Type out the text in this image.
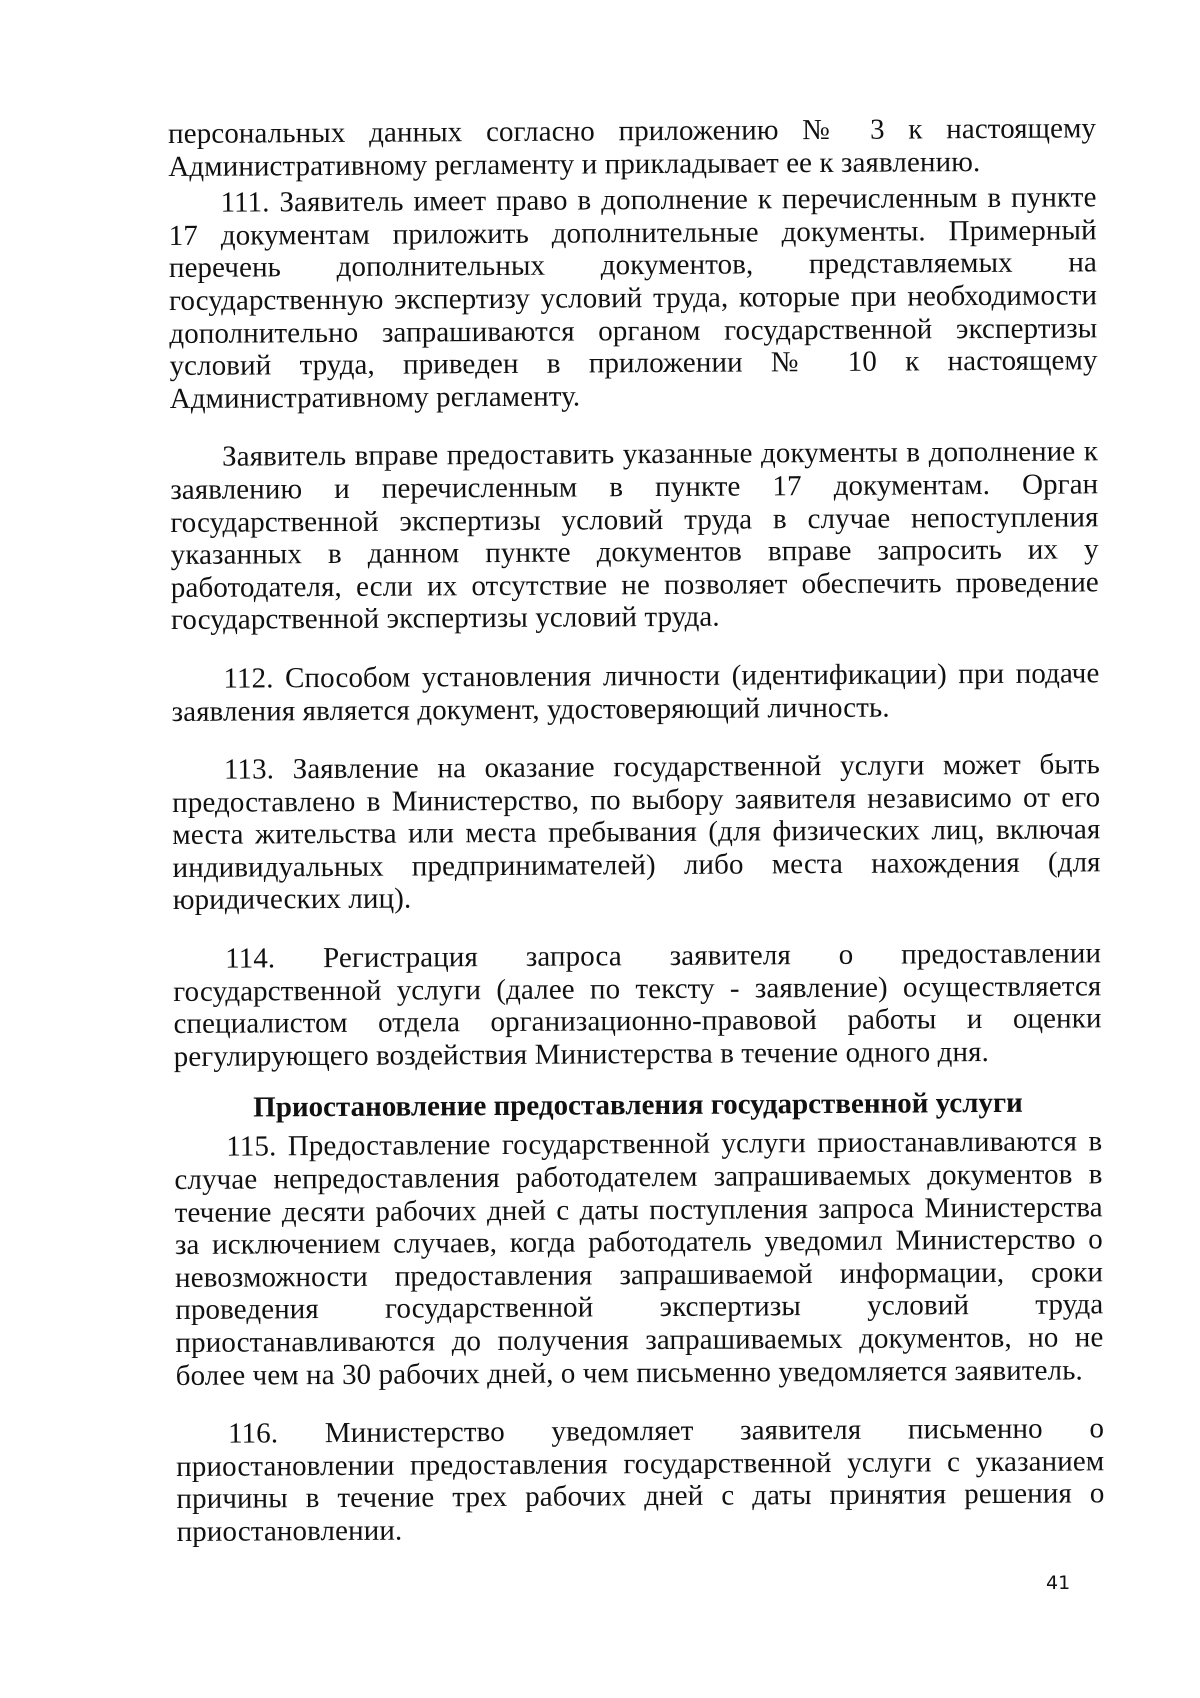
персональных данных согласно приложению № 3 к настоящему Административному регламенту и прикладывает ее к заявлению.

111. Заявитель имеет право в дополнение к перечисленным в пункте 17 документам приложить дополнительные документы. Примерный перечень дополнительных документов, представляемых на государственную экспертизу условий труда, которые при необходимости дополнительно запрашиваются органом государственной экспертизы условий труда, приведен в приложении № 10 к настоящему Административному регламенту.

Заявитель вправе предоставить указанные документы в дополнение к заявлению и перечисленным в пункте 17 документам. Орган государственной экспертизы условий труда в случае непоступления указанных в данном пункте документов вправе запросить их у работодателя, если их отсутствие не позволяет обеспечить проведение государственной экспертизы условий труда.

112. Способом установления личности (идентификации) при подаче заявления является документ, удостоверяющий личность.

113. Заявление на оказание государственной услуги может быть предоставлено в Министерство, по выбору заявителя независимо от его места жительства или места пребывания (для физических лиц, включая индивидуальных предпринимателей) либо места нахождения (для юридических лиц).

114. Регистрация запроса заявителя о предоставлении государственной услуги (далее по тексту - заявление) осуществляется специалистом отдела организационно-правовой работы и оценки регулирующего воздействия Министерства в течение одного дня.

Приостановление предоставления государственной услуги

115. Предоставление государственной услуги приостанавливаются в случае непредоставления работодателем запрашиваемых документов в течение десяти рабочих дней с даты поступления запроса Министерства за исключением случаев, когда работодатель уведомил Министерство о невозможности предоставления запрашиваемой информации, сроки проведения государственной экспертизы условий труда приостанавливаются до получения запрашиваемых документов, но не более чем на 30 рабочих дней, о чем письменно уведомляется заявитель.

116. Министерство уведомляет заявителя письменно о приостановлении предоставления государственной услуги с указанием причины в течение трех рабочих дней с даты принятия решения о приостановлении.

41
